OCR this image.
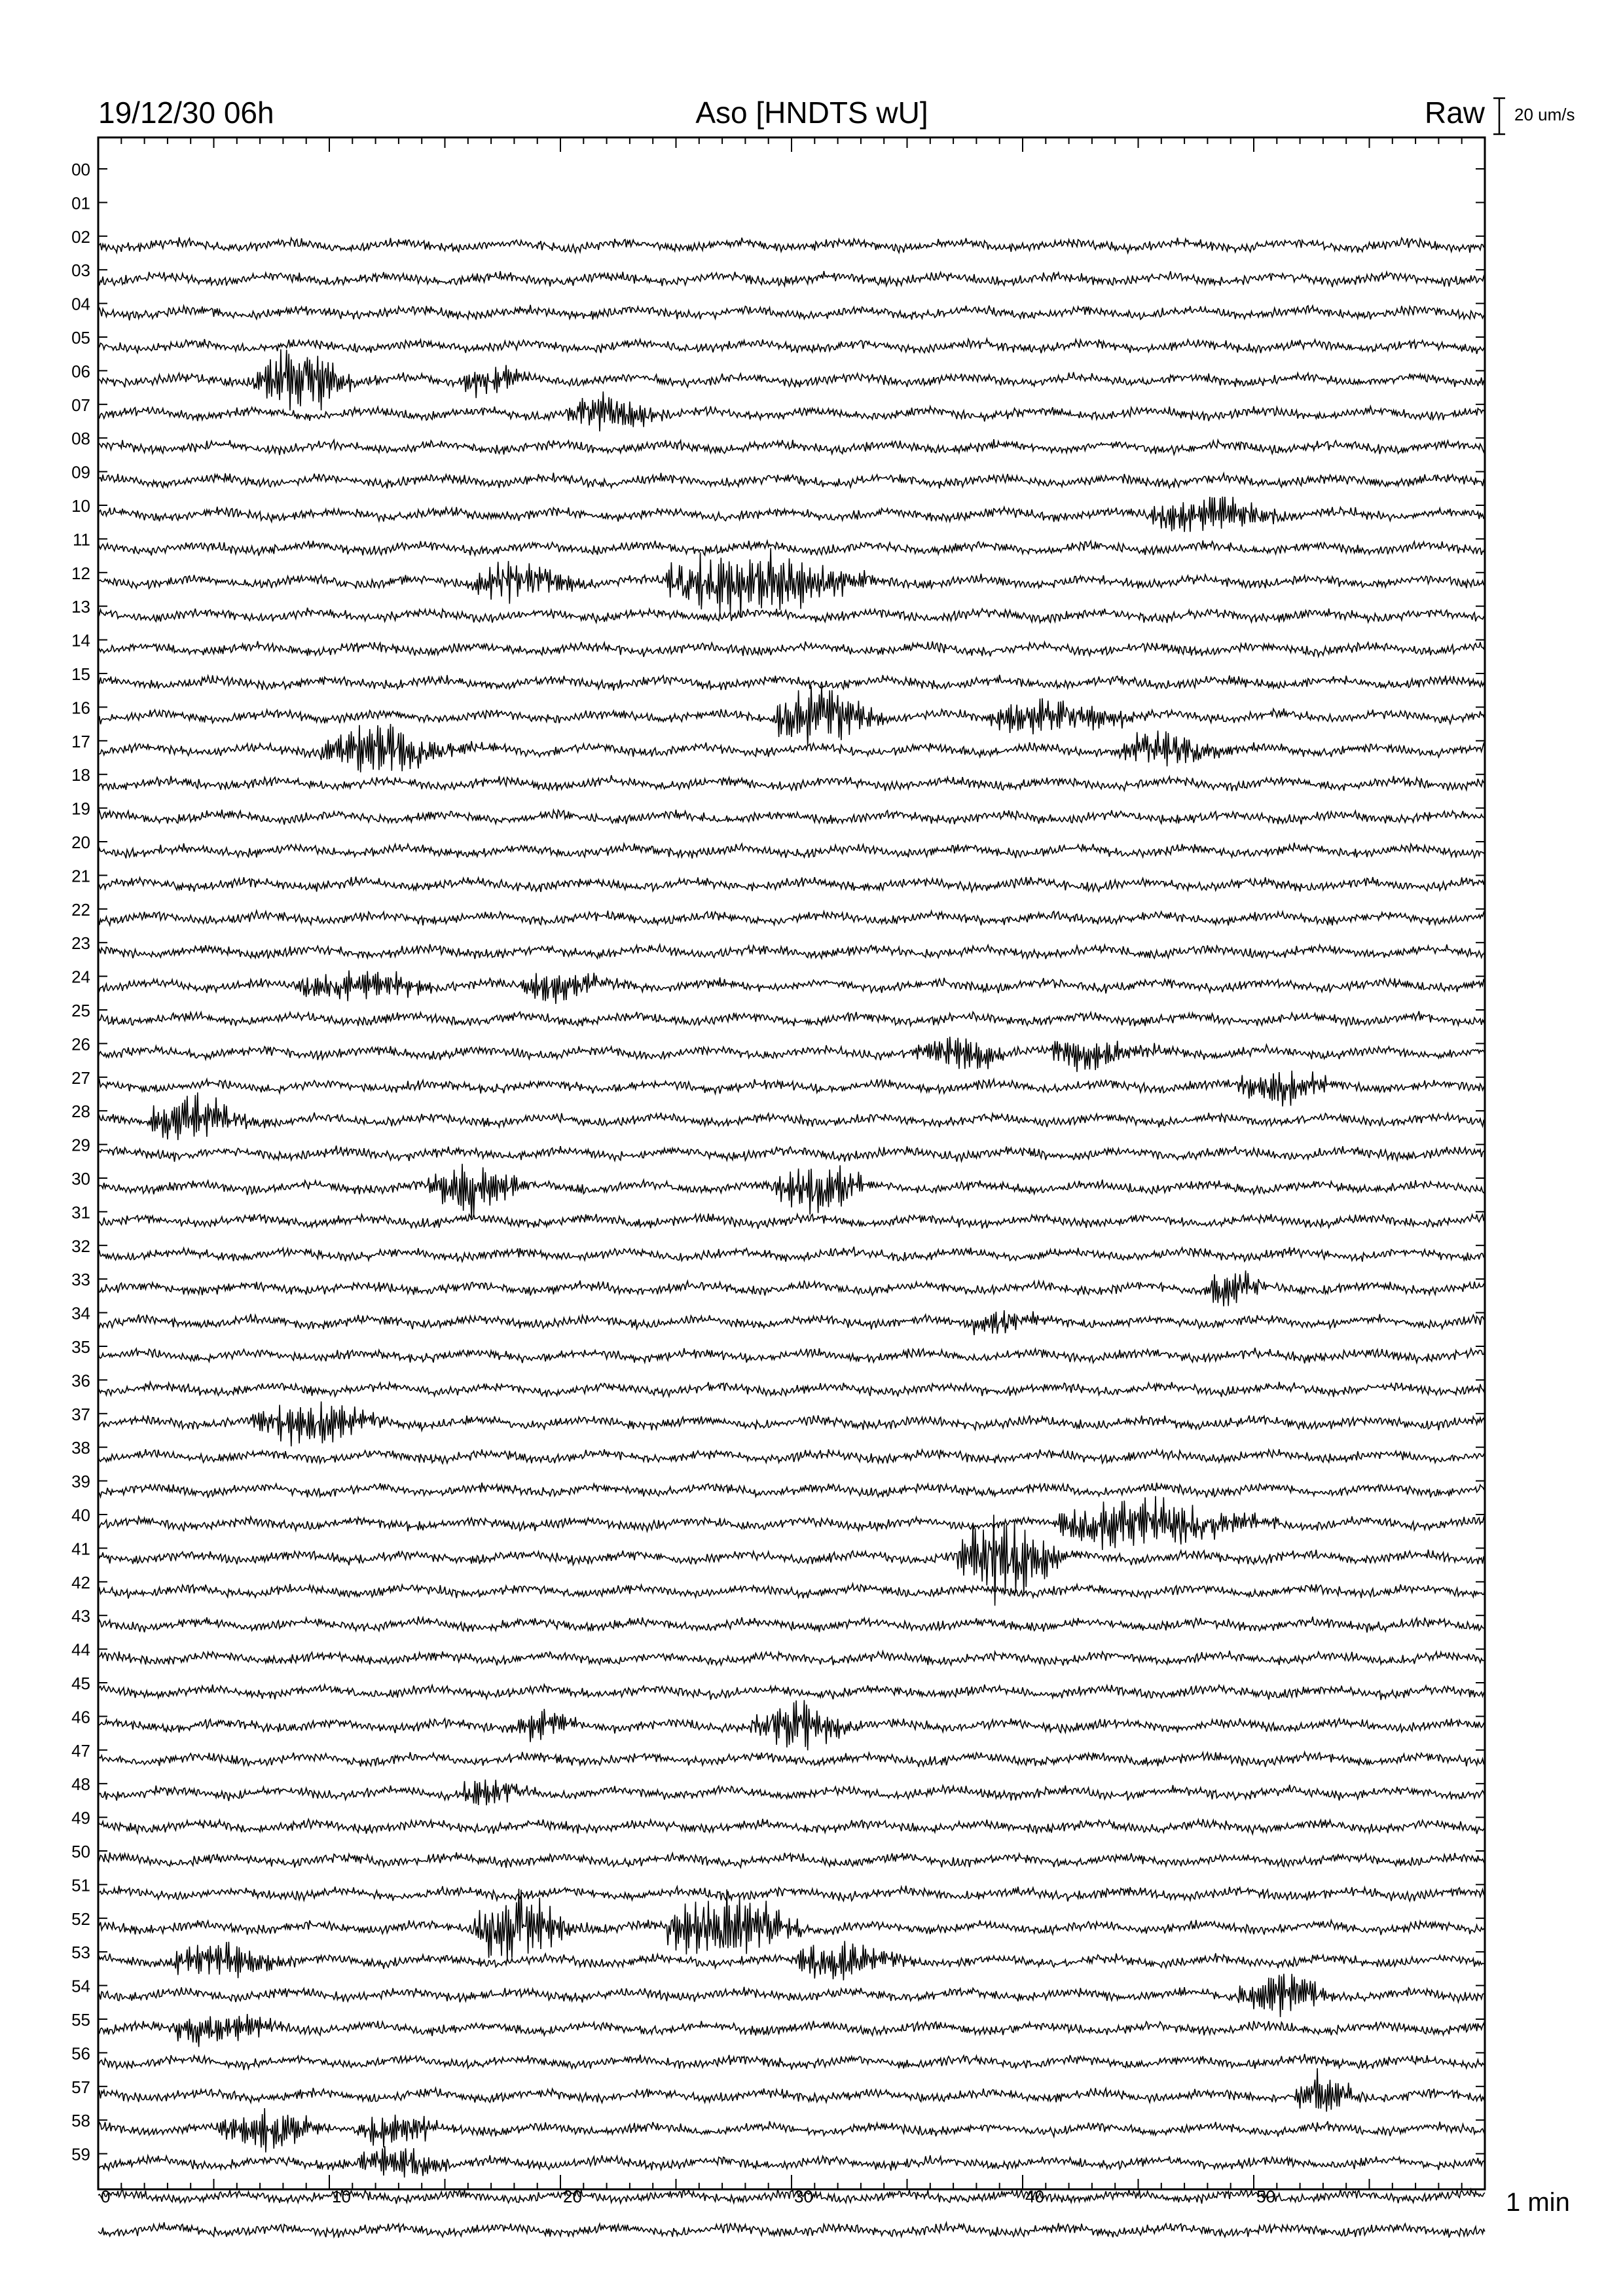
19/12/30 06h	Aso [HNDTS wU]	Raw 20 um/s
00
01
02
03
04
05
06
07
08
09
10
11
12
13
14
15
16
17
18
19
20
21
22
23
24
25
26
27
28
29
30
31
32
33
34
35
36
37
38
39
40
41
42
43
44
45
46
47
48
49
50
51
52
53
54
55
56
57
58
59
0	10	20	30	40	50	1 min
